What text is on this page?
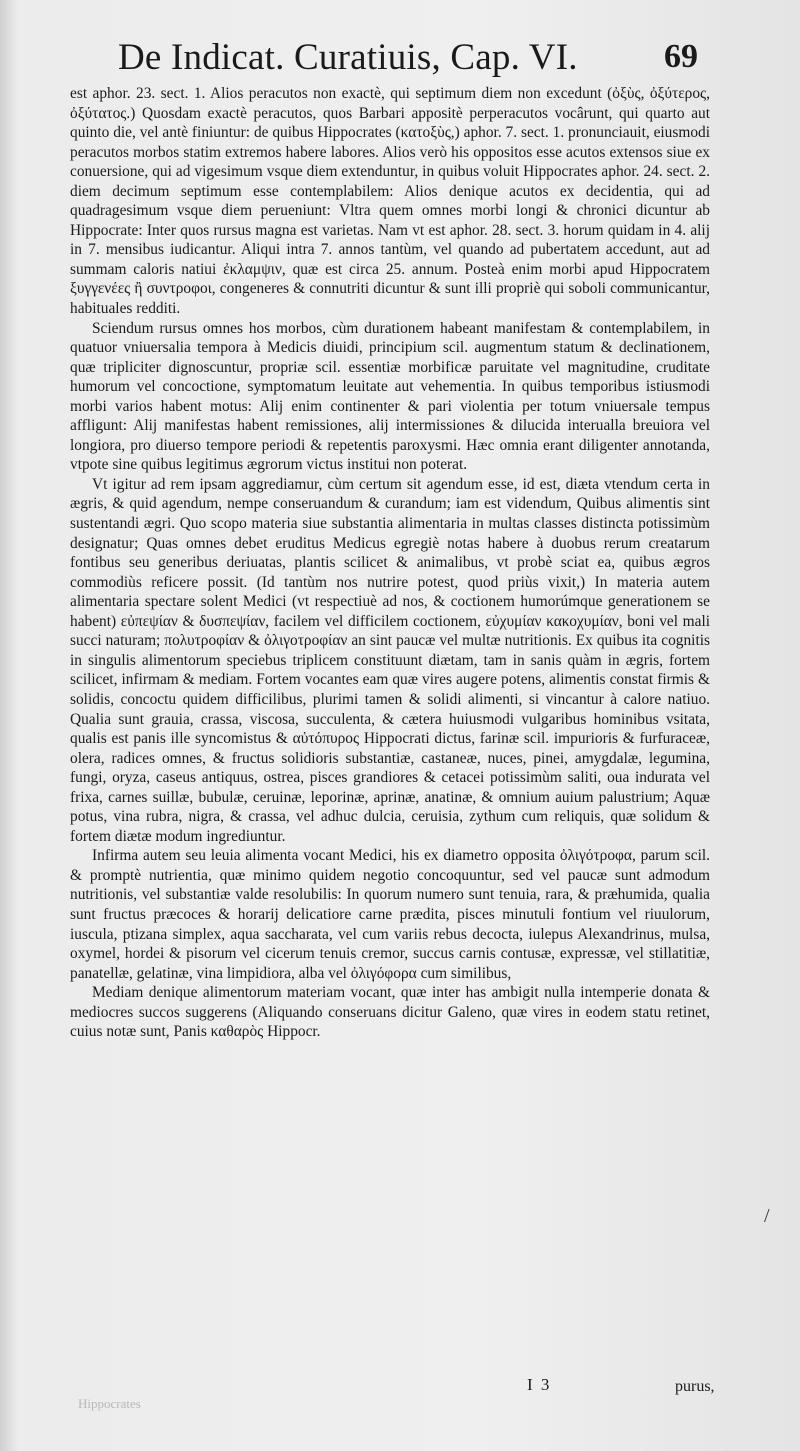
De Indicat. Curatiuis, Cap. VI.	69

est aphor. 23. sect. 1. Alios peracutos non exactè, qui septimum diem non excedunt (ὀξὺς, ὀξύτερος, ὀξύτατος.) Quosdam exactè peracutos, quos Barbari appositè perperacutos vocârunt, qui quarto aut quinto die, vel antè finiuntur: de quibus Hippocrates (κατοξὺς,) aphor. 7. sect. 1. pronunciauit, eiusmodi peracutos morbos statim extremos habere labores. Alios verò his oppositos esse acutos extensos siue ex conuersione, qui ad vigesimum vsque diem extenduntur, in quibus voluit Hippocrates aphor. 24. sect. 2. diem decimum septimum esse contemplabilem: Alios denique acutos ex decidentia, qui ad quadragesimum vsque diem perueniunt: Vltra quem omnes morbi longi & chronici dicuntur ab Hippocrate: Inter quos rursus magna est varietas. Nam vt est aphor. 28. sect. 3. horum quidam in 4. alij in 7. mensibus iudicantur. Aliqui intra 7. annos tantùm, vel quando ad pubertatem accedunt, aut ad summam caloris natiui ἐκλαμψιν, quæ est circa 25. annum. Posteà enim morbi apud Hippocratem ξυγγενέες ἢ συντροφοι, congeneres & connutriti dicuntur & sunt illi propriè qui soboli communicantur, habituales redditi.

Sciendum rursus omnes hos morbos, cùm durationem habeant manifestam & contemplabilem, in quatuor vniuersalia tempora à Medicis diuidi, principium scil. augmentum statum & declinationem, quæ tripliciter dignoscuntur, propriæ scil. essentiæ morbificæ paruitate vel magnitudine, cruditate humorum vel concoctione, symptomatum leuitate aut vehementia. In quibus temporibus istiusmodi morbi varios habent motus: Alij enim continenter & pari violentia per totum vniuersale tempus affligunt: Alij manifestas habent remissiones, alij intermissiones & dilucida interualla breuiora vel longiora, pro diuerso tempore periodi & repetentis paroxysmi. Hæc omnia erant diligenter annotanda, vtpote sine quibus legitimus ægrorum victus institui non poterat.

Vt igitur ad rem ipsam aggrediamur, cùm certum sit agendum esse, id est, diæta vtendum certa in ægris, & quid agendum, nempe conseruandum & curandum; iam est videndum, Quibus alimentis sint sustentandi ægri. Quo scopo materia siue substantia alimentaria in multas classes distincta potissimùm designatur; Quas omnes debet eruditus Medicus egregiè notas habere à duobus rerum creatarum fontibus seu generibus deriuatas, plantis scilicet & animalibus, vt probè sciat ea, quibus ægros commodiùs reficere possit. (Id tantùm nos nutrire potest, quod priùs vixit,) In materia autem alimentaria spectare solent Medici (vt respectiuè ad nos, & coctionem humorúmque generationem se habent) εὐπεψίαν & δυσπεψίαν, facilem vel difficilem coctionem, εὐχυμίαν κακοχυμίαν, boni vel mali succi naturam; πολυτροφίαν & ὀλιγοτροφίαν an sint paucæ vel multæ nutritionis. Ex quibus ita cognitis in singulis alimentorum speciebus triplicem constituunt diætam, tam in sanis quàm in ægris, fortem scilicet, infirmam & mediam. Fortem vocantes eam quæ vires augere potens, alimentis constat firmis & solidis, concoctu quidem difficilibus, plurimi tamen & solidi alimenti, si vincantur à calore natiuo. Qualia sunt grauia, crassa, viscosa, succulenta, & cætera huiusmodi vulgaribus hominibus vsitata, qualis est panis ille syncomistus & αὐτόπυρος Hippocrati dictus, farinæ scil. impurioris & furfuraceæ, olera, radices omnes, & fructus solidioris substantiæ, castaneæ, nuces, pinei, amygdalæ, legumina, fungi, oryza, caseus antiquus, ostrea, pisces grandiores & cetacei potissimùm saliti, oua indurata vel frixa, carnes suillæ, bubulæ, ceruinæ, leporinæ, aprinæ, anatinæ, & omnium auium palustrium; Aquæ potus, vina rubra, nigra, & crassa, vel adhuc dulcia, ceruisia, zythum cum reliquis, quæ solidum & fortem diætæ modum ingrediuntur.

Infirma autem seu leuia alimenta vocant Medici, his ex diametro opposita ὀλιγότροφα, parum scil. & promptè nutrientia, quæ minimo quidem negotio concoquuntur, sed vel paucæ sunt admodum nutritionis, vel substantiæ valde resolubilis: In quorum numero sunt tenuia, rara, & præhumida, qualia sunt fructus præcoces & horarij delicatiore carne prædita, pisces minutuli fontium vel riuulorum, iuscula, ptizana simplex, aqua saccharata, vel cum variis rebus decocta, iulepus Alexandrinus, mulsa, oxymel, hordei & pisorum vel cicerum tenuis cremor, succus carnis contusæ, expressæ, vel stillatitiæ, panatellæ, gelatinæ, vina limpidiora, alba vel ὀλιγόφορα cum similibus,

Mediam denique alimentorum materiam vocant, quæ inter has ambigit nulla intemperie donata & mediocres succos suggerens (Aliquando conseruans dicitur Galeno, quæ vires in eodem statu retinet, cuius notæ sunt, Panis καθαρὸς Hippocr.

/
Hippocrates
I 3	purus,
